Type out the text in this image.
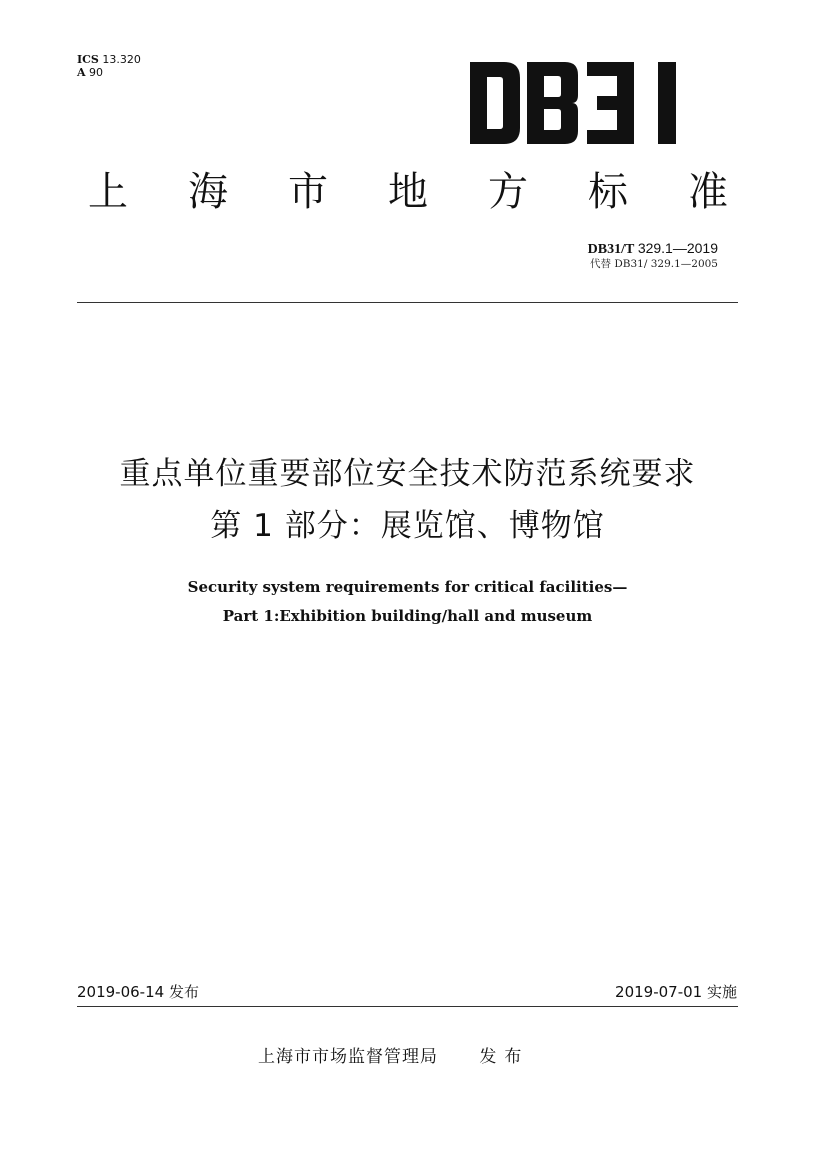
ICS 13.320
A 90
上 海 市 地 方 标 准
DB31/T 329.1—2019
代替 DB31/ 329.1—2005
重点单位重要部位安全技术防范系统要求
第 1 部分：展览馆、博物馆
Security system requirements for critical facilities—
Part 1:Exhibition building/hall and museum
2019-06-14 发布	2019-07-01 实施
上海市市场监督管理局 发布
